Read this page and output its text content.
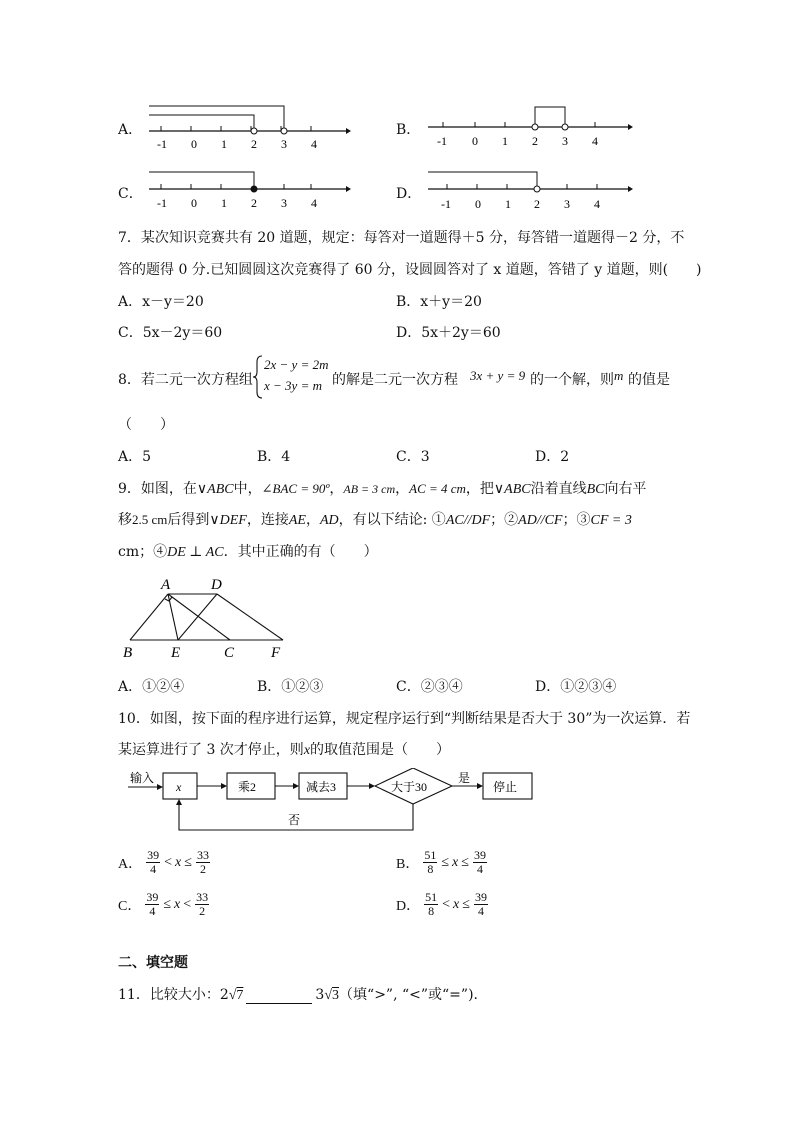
A．
-1 0 1 2 3 4
B．
-1 0 1 2 3 4
C．
-1 0 1 2 3 4
D．
-1 0 1 2 3 4
7．某次知识竞赛共有 20 道题，规定：每答对一道题得＋5 分，每答错一道题得－2 分，不
答的题得 0 分.已知圆圆这次竞赛得了 60 分，设圆圆答对了 x 道题，答错了 y 道题，则(　　)
A．x－y＝20	B．x＋y＝20
C．5x－2y＝60	D．5x＋2y＝60
8．若二元一次方程组
2x − y = 2m
x − 3y = m 的解是二元一次方程 3x + y = 9 的一个解，则 m 的值是
（　　）
A．5	B．4	C．3	D．2
9．如图，在∨ABC中，∠BAC = 90º，AB = 3 cm，AC = 4 cm，把∨ABC沿着直线BC向右平
移2.5 cm后得到∨DEF，连接AE，AD，有以下结论: ①AC//DF；②AD//CF；③CF = 3
cm；④DE ⊥ AC．其中正确的有（　　）
A	D
B	E	C F
A．①②④	B．①②③	C．②③④	D．①②③④
10．如图，按下面的程序进行运算，规定程序运行到“判断结果是否大于 30”为一次运算．若
某运算进行了 3 次才停止，则x的取值范围是（　　）
输入
x	乘2	减去3	大于30
是
停止
否
A． $\frac{39}{4} < x \le \frac{33}{2}$	B． $\frac{51}{8} \le x \le \frac{39}{4}$
C． $\frac{39}{4} \le x < \frac{33}{2}$	D． $\frac{51}{8} < x \le \frac{39}{4}$
二、填空题
11．比较大小：2√7	3√3（填“>”, “<”或“=”).
